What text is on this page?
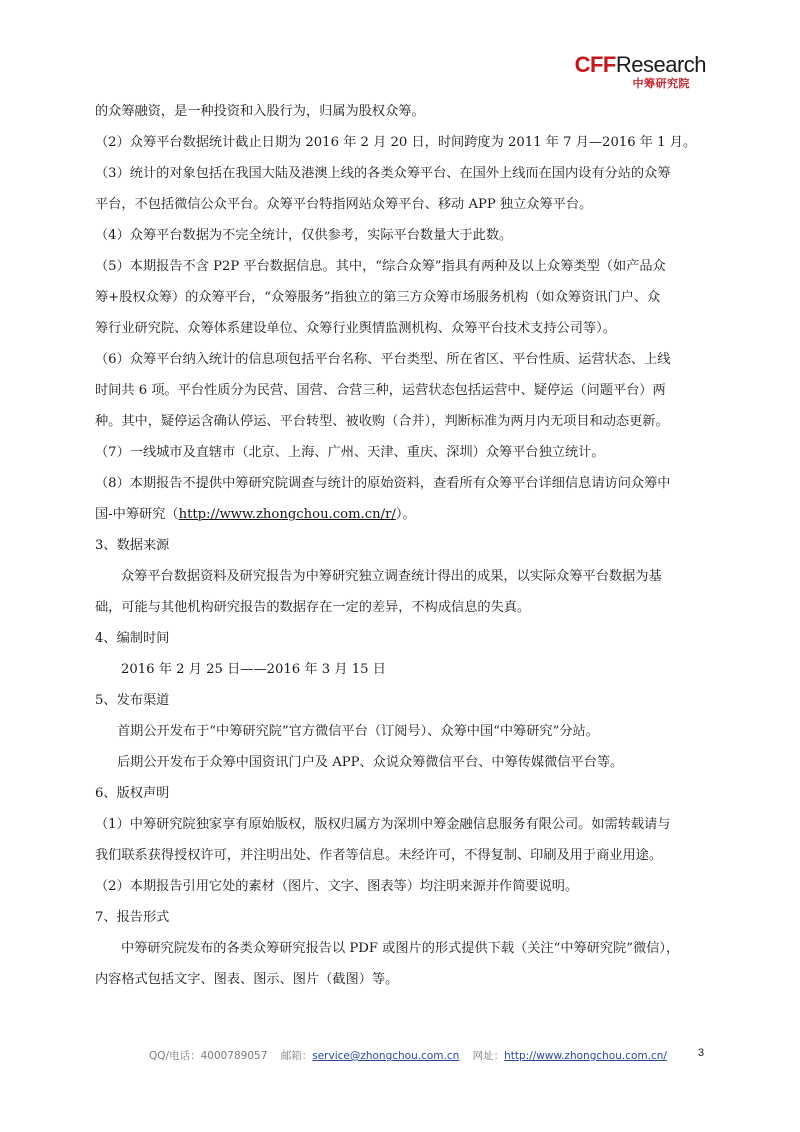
CFFResearch
中筹研究院
的众筹融资，是一种投资和入股行为，归属为股权众筹。
（2）众筹平台数据统计截止日期为 2016 年 2 月 20 日，时间跨度为 2011 年 7 月—2016 年 1 月。
（3）统计的对象包括在我国大陆及港澳上线的各类众筹平台、在国外上线而在国内设有分站的众筹
平台，不包括微信公众平台。众筹平台特指网站众筹平台、移动 APP 独立众筹平台。
（4）众筹平台数据为不完全统计，仅供参考，实际平台数量大于此数。
（5）本期报告不含 P2P 平台数据信息。其中，“综合众筹”指具有两种及以上众筹类型（如产品众
筹+股权众筹）的众筹平台，“众筹服务”指独立的第三方众筹市场服务机构（如众筹资讯门户、众
筹行业研究院、众筹体系建设单位、众筹行业舆情监测机构、众筹平台技术支持公司等）。
（6）众筹平台纳入统计的信息项包括平台名称、平台类型、所在省区、平台性质、运营状态、上线
时间共 6 项。平台性质分为民营、国营、合营三种，运营状态包括运营中、疑停运（问题平台）两
种。其中，疑停运含确认停运、平台转型、被收购（合并），判断标准为两月内无项目和动态更新。
（7）一线城市及直辖市（北京、上海、广州、天津、重庆、深圳）众筹平台独立统计。
（8）本期报告不提供中筹研究院调查与统计的原始资料，查看所有众筹平台详细信息请访问众筹中
国-中筹研究（http://www.zhongchou.com.cn/r/）。
3、数据来源
众筹平台数据资料及研究报告为中筹研究独立调查统计得出的成果，以实际众筹平台数据为基
础，可能与其他机构研究报告的数据存在一定的差异，不构成信息的失真。
4、编制时间
2016 年 2 月 25 日——2016 年 3 月 15 日
5、发布渠道
首期公开发布于“中筹研究院”官方微信平台（订阅号）、众筹中国“中筹研究”分站。
后期公开发布于众筹中国资讯门户及 APP、众说众筹微信平台、中筹传媒微信平台等。
6、版权声明
（1）中筹研究院独家享有原始版权，版权归属方为深圳中筹金融信息服务有限公司。如需转载请与
我们联系获得授权许可，并注明出处、作者等信息。未经许可，不得复制、印刷及用于商业用途。
（2）本期报告引用它处的素材（图片、文字、图表等）均注明来源并作简要说明。
7、报告形式
中筹研究院发布的各类众筹研究报告以 PDF 或图片的形式提供下载（关注“中筹研究院”微信），
内容格式包括文字、图表、图示、图片（截图）等。
QQ/电话：4000789057 邮箱：service@zhongchou.com.cn 网址：http://www.zhongchou.com.cn/	3
